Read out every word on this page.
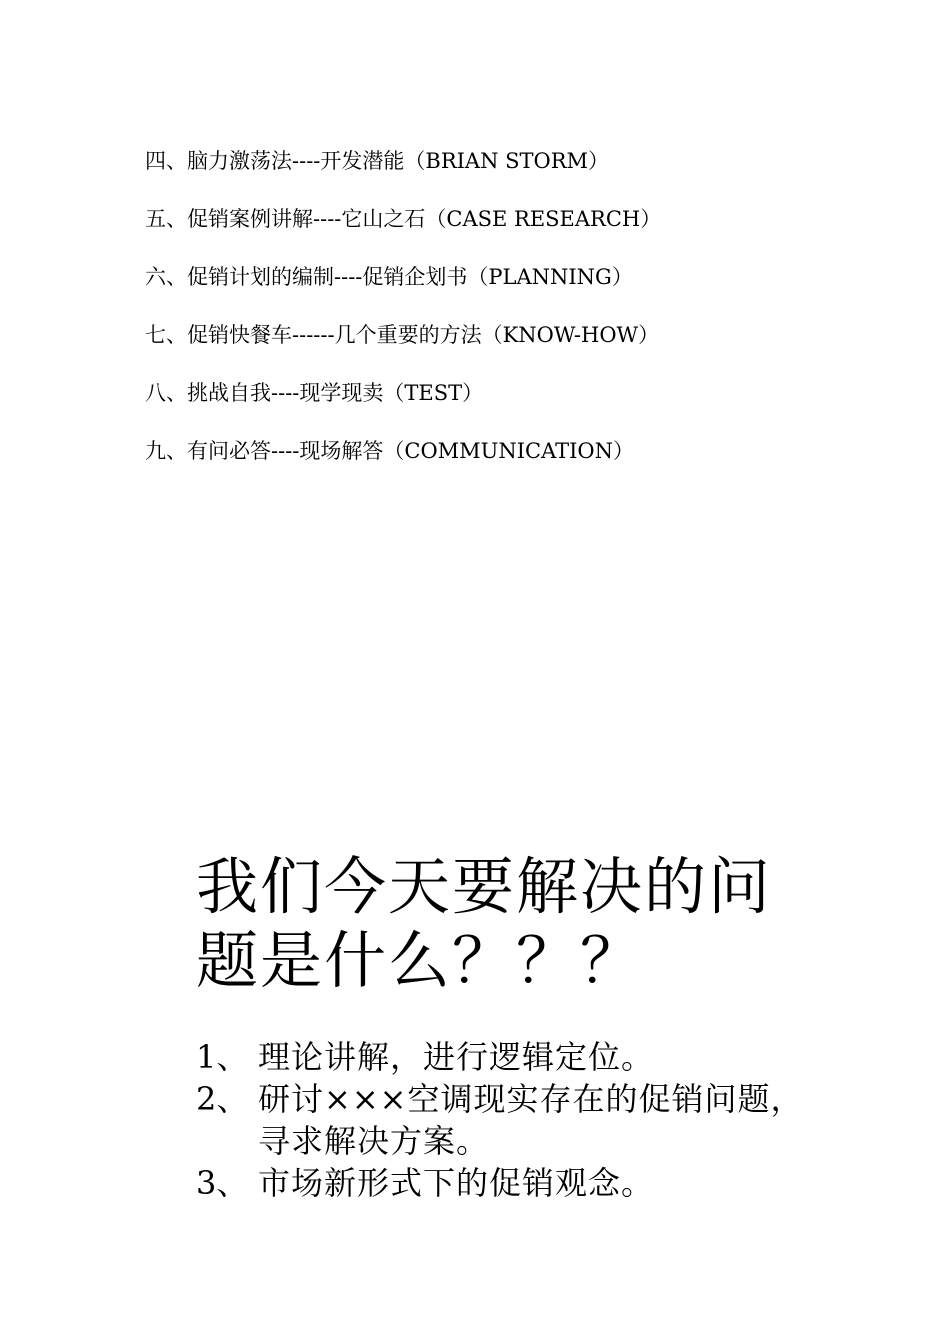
四、脑力激荡法----开发潜能（BRIAN STORM）
五、促销案例讲解----它山之石（CASE RESEARCH）
六、促销计划的编制----促销企划书（PLANNING）
七、促销快餐车------几个重要的方法（KNOW-HOW）
八、挑战自我----现学现卖（TEST）
九、有问必答----现场解答（COMMUNICATION）
我们今天要解决的问
题是什么？？？
1、 理论讲解，进行逻辑定位。
2、 研讨×××空调现实存在的促销问题，寻求解决方案。
3、 市场新形式下的促销观念。
